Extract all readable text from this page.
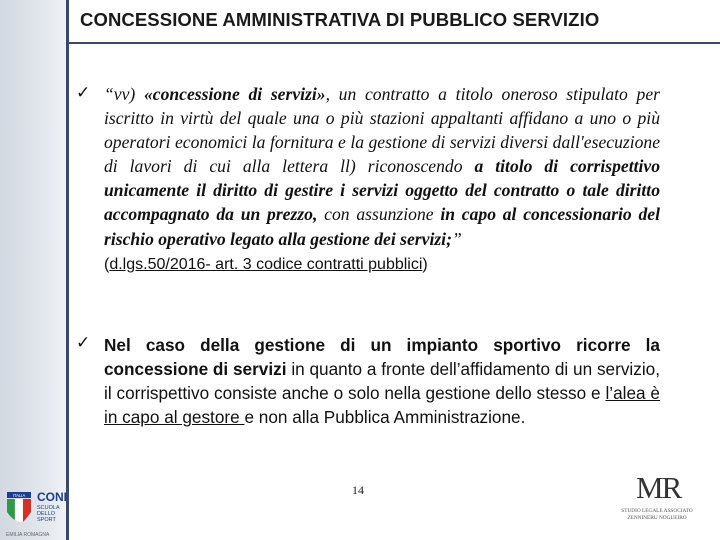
CONCESSIONE AMMINISTRATIVA DI PUBBLICO SERVIZIO
✓ “vv) «concessione di servizi», un contratto a titolo oneroso stipulato per iscritto in virtù del quale una o più stazioni appaltanti affidano a uno o più operatori economici la fornitura e la gestione di servizi diversi dall'esecuzione di lavori di cui alla lettera ll) riconoscendo a titolo di corrispettivo unicamente il diritto di gestire i servizi oggetto del contratto o tale diritto accompagnato da un prezzo, con assunzione in capo al concessionario del rischio operativo legato alla gestione dei servizi;”
(d.lgs.50/2016- art. 3 codice contratti pubblici)
✓ Nel caso della gestione di un impianto sportivo ricorre la concessione di servizi in quanto a fronte dell’affidamento di un servizio, il corrispettivo consiste anche o solo nella gestione dello stesso e l’alea è in capo al gestore e non alla Pubblica Amministrazione.
ITALIA CONI
SCUOLA
DELLO SPORT
EMILIA ROMAGNA
14	MR
STUDIO LEGALE ASSOCIATO
ZENNINERU NOGUEIRO
